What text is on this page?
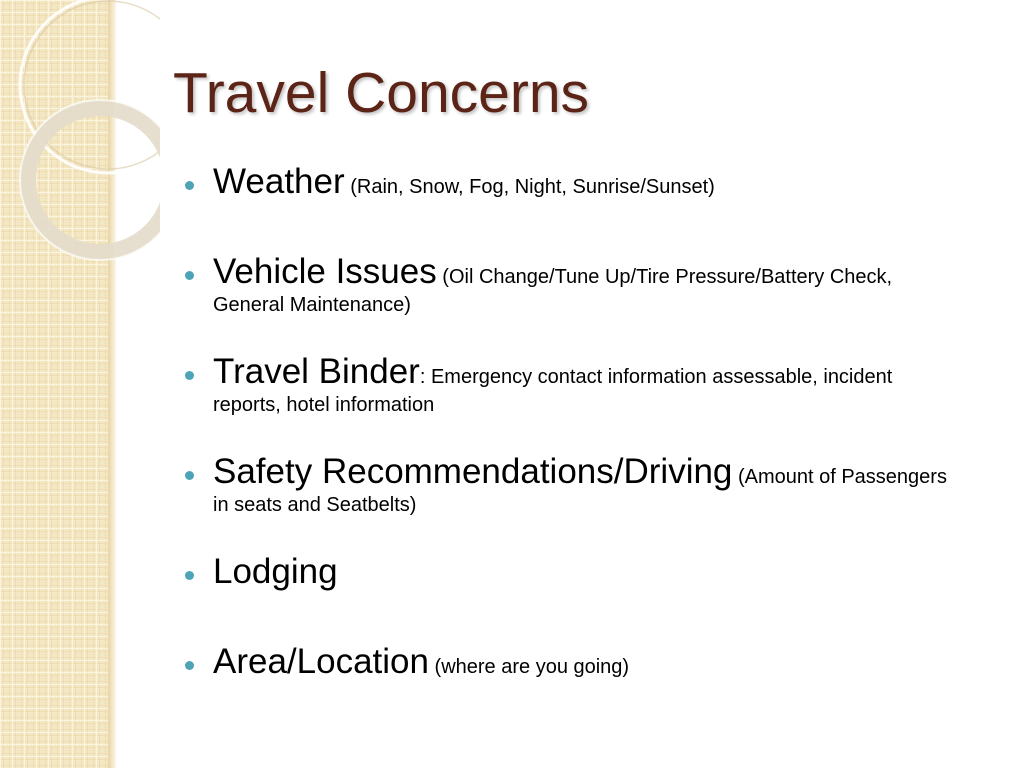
Travel Concerns
Weather (Rain, Snow, Fog, Night, Sunrise/Sunset)
Vehicle Issues (Oil Change/Tune Up/Tire Pressure/Battery Check, General Maintenance)
Travel Binder: Emergency contact information assessable, incident reports, hotel information
Safety Recommendations/Driving (Amount of Passengers in seats and Seatbelts)
Lodging
Area/Location (where are you going)
